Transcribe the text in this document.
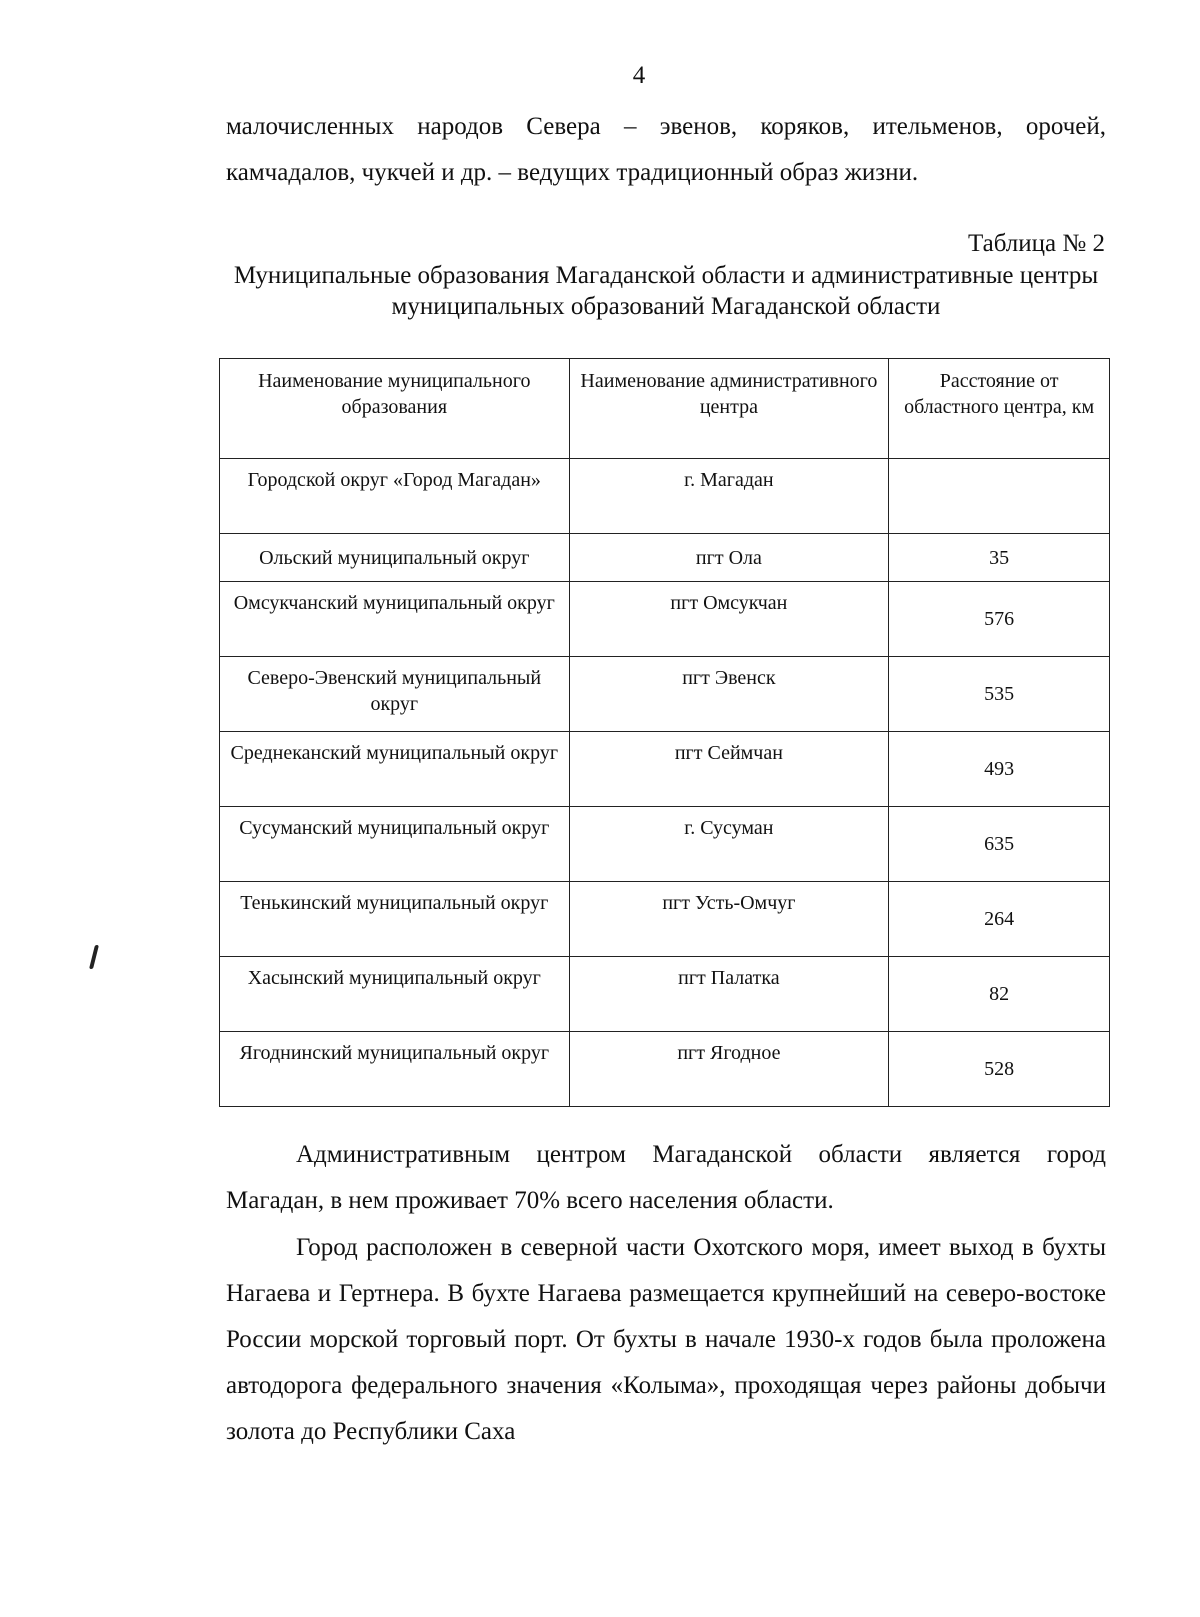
4
малочисленных народов Севера – эвенов, коряков, ительменов, орочей, камчадалов, чукчей и др. – ведущих традиционный образ жизни.
Таблица № 2
Муниципальные образования Магаданской области и административные центры муниципальных образований Магаданской области
Наименование муниципального образования	Наименование административного центра	Расстояние от областного центра, км
Городской округ «Город Магадан»	г. Магадан	
Ольский муниципальный округ	пгт Ола	35
Омсукчанский муниципальный округ	пгт Омсукчан	576
Северо-Эвенский муниципальный округ	пгт Эвенск	535
Среднеканский муниципальный округ	пгт Сеймчан	493
Сусуманский муниципальный округ	г. Сусуман	635
Тенькинский муниципальный округ	пгт Усть-Омчуг	264
Хасынский муниципальный округ	пгт Палатка	82
Ягоднинский муниципальный округ	пгт Ягодное	528
Административным центром Магаданской области является город Магадан, в нем проживает 70% всего населения области.
Город расположен в северной части Охотского моря, имеет выход в бухты Нагаева и Гертнера. В бухте Нагаева размещается крупнейший на северо-востоке России морской торговый порт. От бухты в начале 1930-х годов была проложена автодорога федерального значения «Колыма», проходящая через районы добычи золота до Республики Саха
